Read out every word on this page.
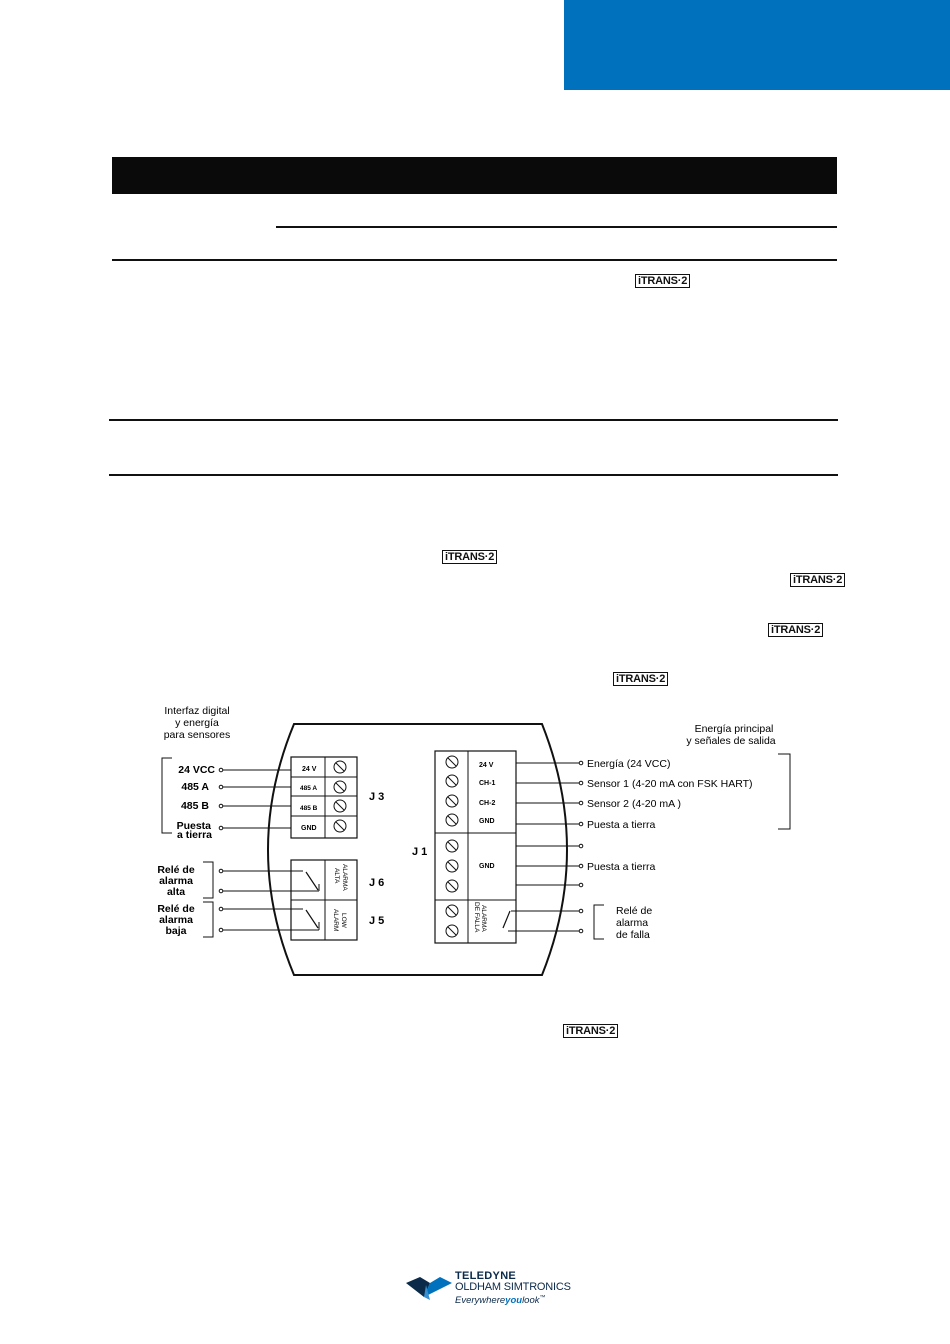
iTRANS·2
iTRANS·2
iTRANS·2
iTRANS·2
iTRANS·2
iTRANS·2
Interfaz digital
y energía
para sensores
24 VCC
485 A
485 B
Puesta
a tierra
24 V
485 A
485 B
GND
J 3
Relé de
alarma
alta
Relé de
alarma
baja
ALARMA
ALTA
LOW
ALARM
J 6
J 5
J 1
24 V
CH-1
CH-2
GND
GND
ALARMA
DE FALLA
Energía principal
y señales de salida
Energía (24 VCC)
Sensor 1 (4-20 mA con FSK HART)
Sensor 2 (4-20 mA )
Puesta a tierra
Puesta a tierra
Relé de
alarma
de falla
TELEDYNE
OLDHAM SIMTRONICS
Everywhereyoulook™
